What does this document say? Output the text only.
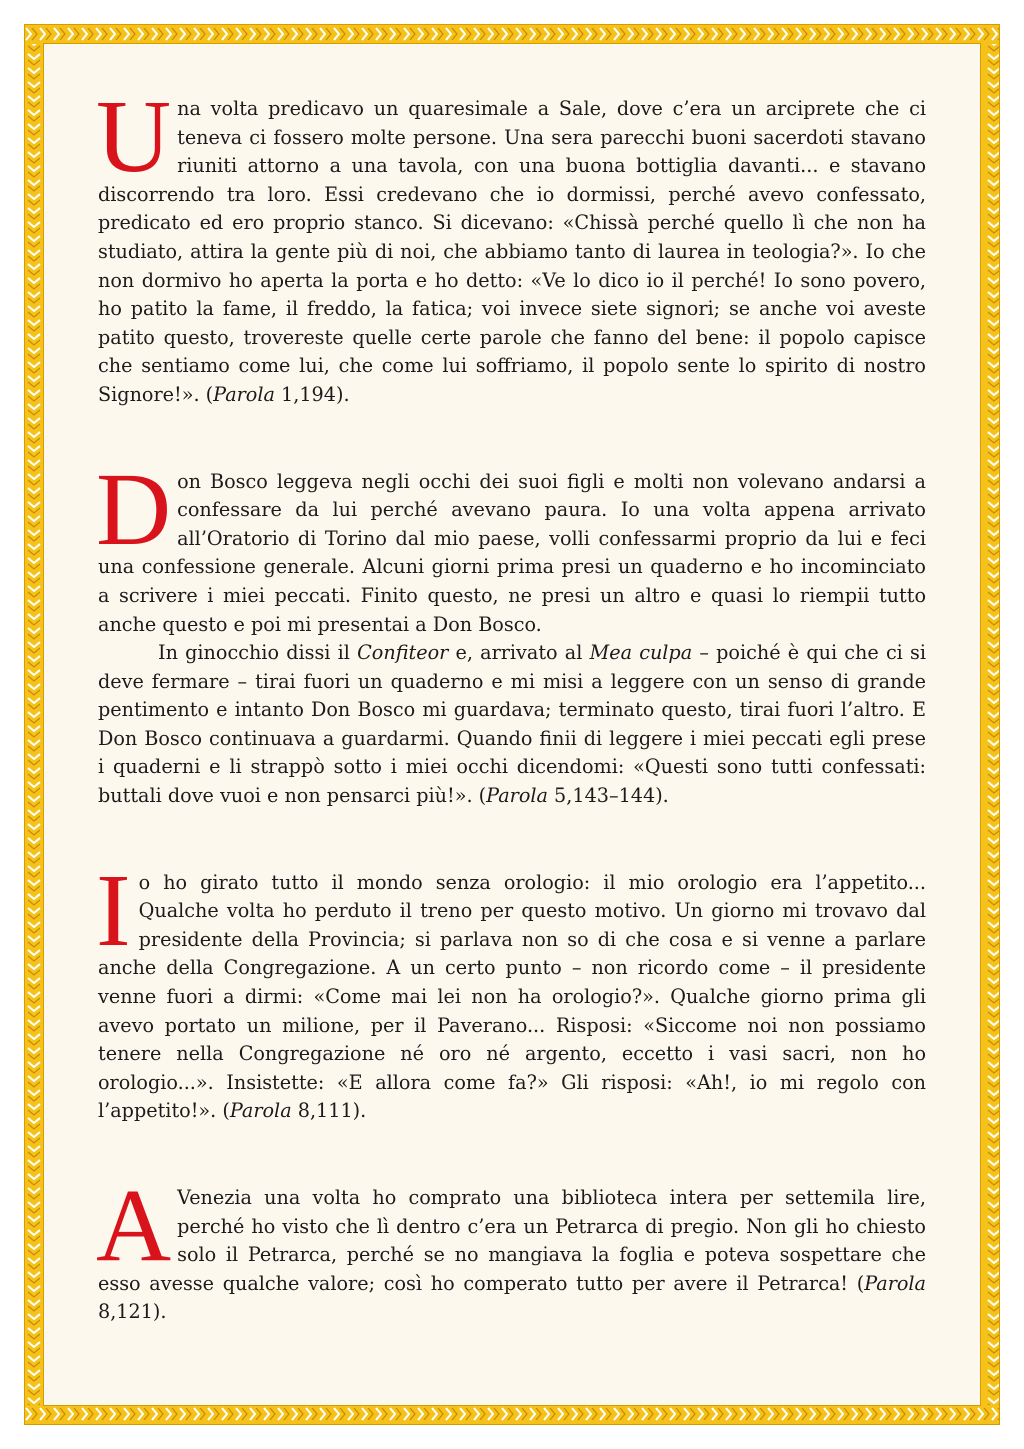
Una volta predicavo un quaresimale a Sale, dove c’era un arciprete che ci teneva ci fossero molte persone. Una sera parecchi buoni sacerdoti stavano riuniti attorno a una tavola, con una buona bottiglia davanti... e stavano discorrendo tra loro. Essi credevano che io dormissi, perché avevo confessato, predicato ed ero proprio stanco. Si dicevano: «Chissà perché quello lì che non ha studiato, attira la gente più di noi, che abbiamo tanto di laurea in teologia?». Io che non dormivo ho aperta la porta e ho detto: «Ve lo dico io il perché! Io sono povero, ho patito la fame, il freddo, la fatica; voi invece siete signori; se anche voi aveste patito questo, trovereste quelle certe parole che fanno del bene: il popolo capisce che sentiamo come lui, che come lui soffriamo, il popolo sente lo spirito di nostro Signore!». (Parola 1,194).

Don Bosco leggeva negli occhi dei suoi figli e molti non volevano andarsi a confessare da lui perché avevano paura. Io una volta appena arrivato all’Oratorio di Torino dal mio paese, volli confessarmi proprio da lui e feci una confessione generale. Alcuni giorni prima presi un quaderno e ho incominciato a scrivere i miei peccati. Finito questo, ne presi un altro e quasi lo riempii tutto anche questo e poi mi presentai a Don Bosco.

In ginocchio dissi il Confiteor e, arrivato al Mea culpa – poiché è qui che ci si deve fermare – tirai fuori un quaderno e mi misi a leggere con un senso di grande pentimento e intanto Don Bosco mi guardava; terminato questo, tirai fuori l’altro. E Don Bosco continuava a guardarmi. Quando finii di leggere i miei peccati egli prese i quaderni e li strappò sotto i miei occhi dicendomi: «Questi sono tutti confessati: buttali dove vuoi e non pensarci più!». (Parola 5,143–144).

Io ho girato tutto il mondo senza orologio: il mio orologio era l’appetito... Qualche volta ho perduto il treno per questo motivo. Un giorno mi trovavo dal presidente della Provincia; si parlava non so di che cosa e si venne a parlare anche della Congregazione. A un certo punto – non ricordo come – il presidente venne fuori a dirmi: «Come mai lei non ha orologio?». Qualche giorno prima gli avevo portato un milione, per il Paverano... Risposi: «Siccome noi non possiamo tenere nella Congregazione né oro né argento, eccetto i vasi sacri, non ho orologio...». Insistette: «E allora come fa?» Gli risposi: «Ah!, io mi regolo con l’appetito!». (Parola 8,111).

A Venezia una volta ho comprato una biblioteca intera per settemila lire, perché ho visto che lì dentro c’era un Petrarca di pregio. Non gli ho chiesto solo il Petrarca, perché se no mangiava la foglia e poteva sospettare che esso avesse qualche valore; così ho comperato tutto per avere il Petrarca! (Parola 8,121).
